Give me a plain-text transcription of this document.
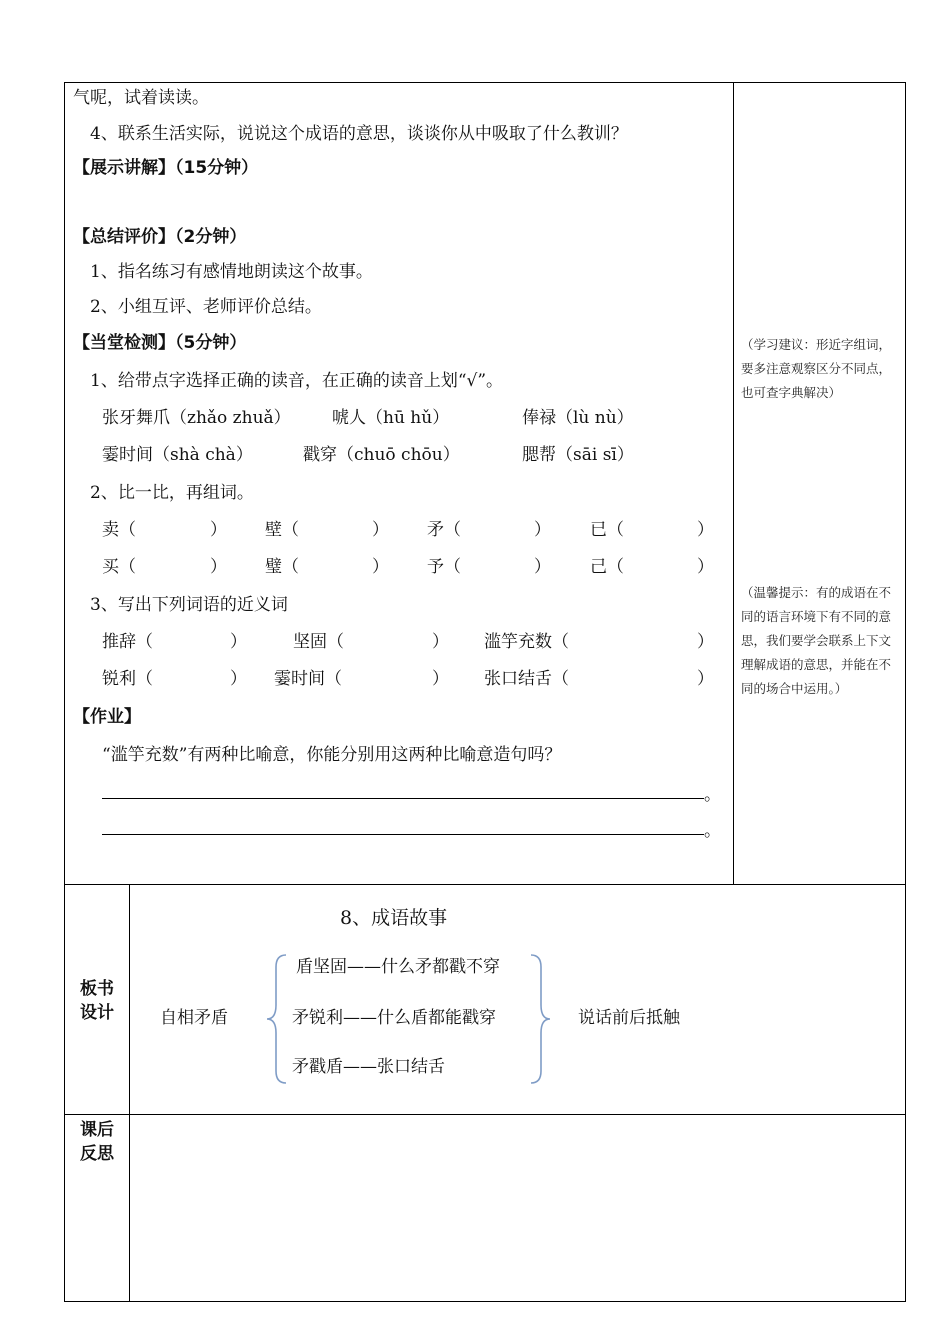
气呢，试着读读。
4、联系生活实际，说说这个成语的意思，谈谈你从中吸取了什么教训？
【展示讲解】（15分钟）
【总结评价】（2分钟）
1、指名练习有感情地朗读这个故事。
2、小组互评、老师评价总结。
【当堂检测】（5分钟）
1、给带点字选择正确的读音，在正确的读音上划“√”。
张牙舞爪（zhǎo zhuǎ） 唬人（hū hǔ）	俸禄（lù nù）
霎时间（shà chà）	戳穿（chuō chōu）	腮帮（sāi sī）
2、比一比，再组词。
卖（	） 壁（	） 矛（	） 已（	）
买（	） 璧（	） 予（	） 己（	）
3、写出下列词语的近义词
推辞（	）	坚固（	） 滥竽充数（	）
锐利（	） 霎时间（	） 张口结舌（	）
【作业】
“滥竽充数”有两种比喻意，你能分别用这两种比喻意造句吗？
。
。
（学习建议：形近字组词，要多注意观察区分不同点，也可查字典解决）
（温馨提示：有的成语在不同的语言环境下有不同的意思，我们要学会联系上下文理解成语的意思，并能在不同的场合中运用。）
板书设计
8、成语故事
自相矛盾
盾坚固——什么矛都戳不穿
矛锐利——什么盾都能戳穿
矛戳盾——张口结舌
说话前后抵触
课后反思
